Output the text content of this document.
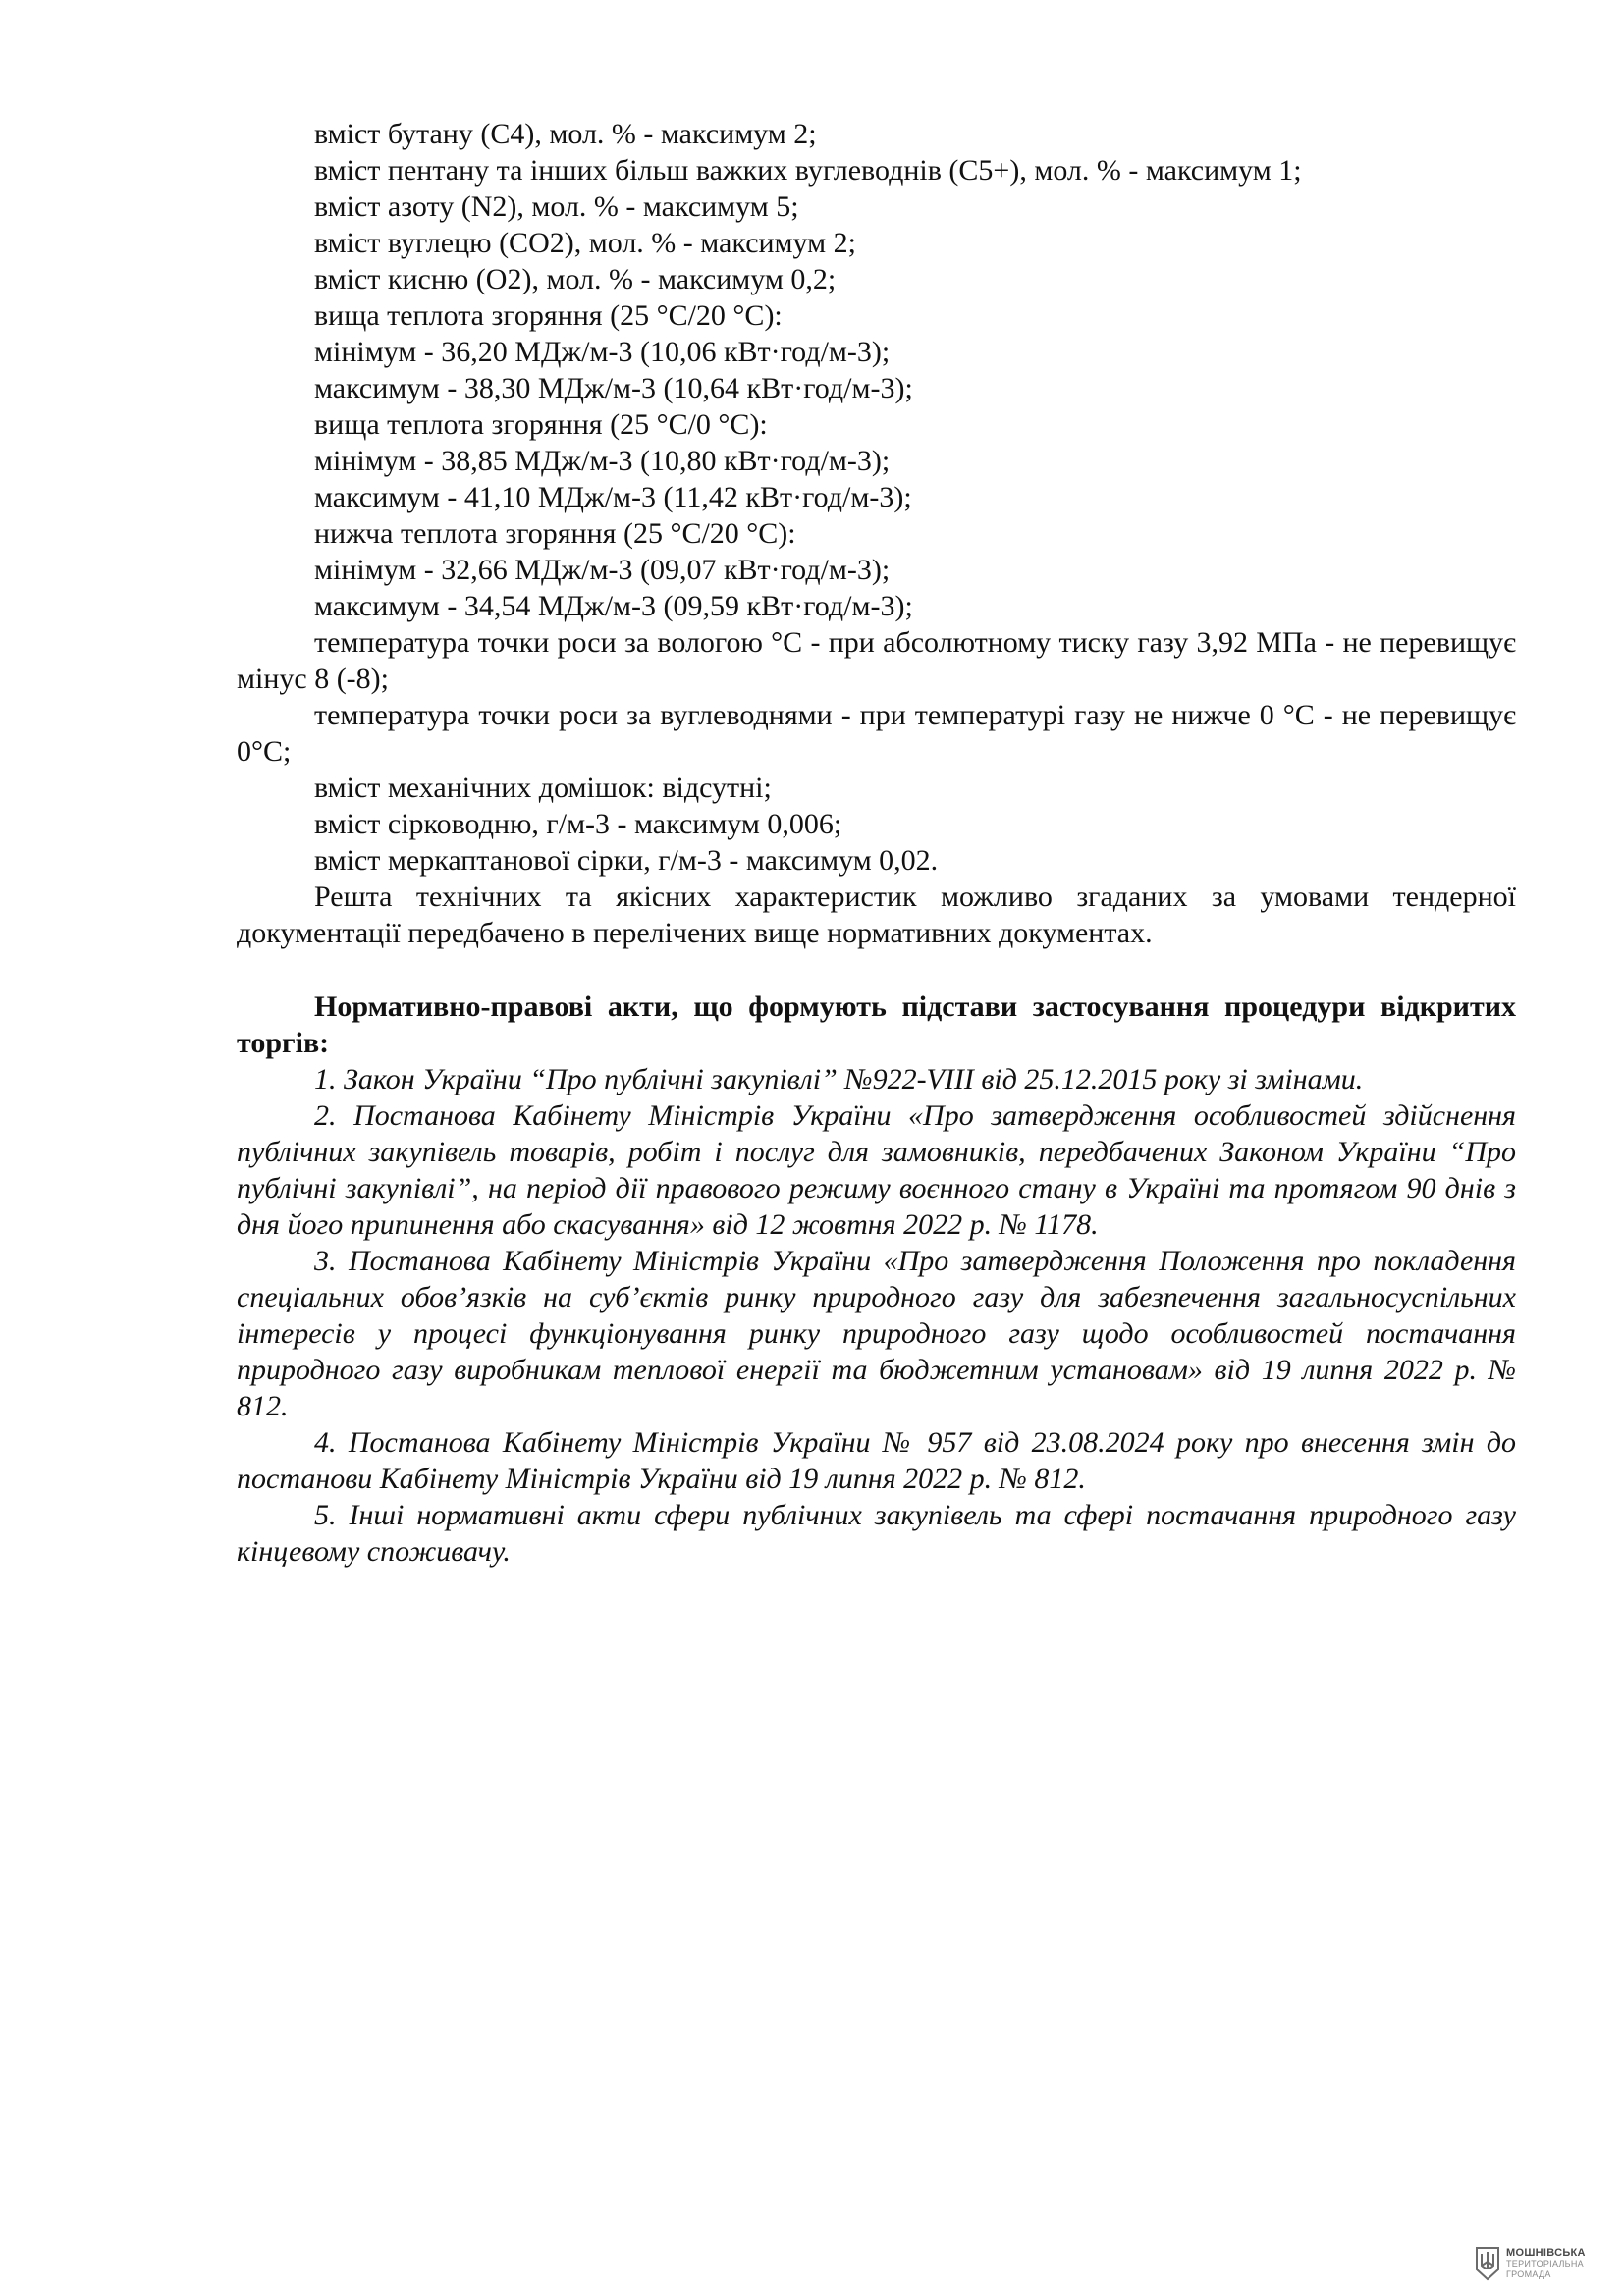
вміст бутану (С4), мол. % - максимум 2;

вміст пентану та інших більш важких вуглеводнів (С5+), мол. % - максимум 1;

вміст азоту (N2), мол. % - максимум 5;

вміст вуглецю (СО2), мол. % - максимум 2;

вміст кисню (О2), мол. % - максимум 0,2;

вища теплота згоряння (25 °С/20 °С):

мінімум - 36,20 МДж/м-3 (10,06 кВт·год/м-3);

максимум - 38,30 МДж/м-3 (10,64 кВт·год/м-3);

вища теплота згоряння (25 °С/0 °С):

мінімум - 38,85 МДж/м-3 (10,80 кВт·год/м-3);

максимум - 41,10 МДж/м-3 (11,42 кВт·год/м-3);

нижча теплота згоряння (25 °С/20 °С):

мінімум - 32,66 МДж/м-3 (09,07 кВт·год/м-3);

максимум - 34,54 МДж/м-3 (09,59 кВт·год/м-3);

температура точки роси за вологою °С - при абсолютному тиску газу 3,92 МПа - не перевищує мінус 8 (-8);

температура точки роси за вуглеводнями - при температурі газу не нижче 0 °С - не перевищує 0°С;

вміст механічних домішок: відсутні;

вміст сірководню, г/м-3 - максимум 0,006;

вміст меркаптанової сірки, г/м-3 - максимум 0,02.

Решта технічних та якісних характеристик можливо згаданих за умовами тендерної документації передбачено в перелічених вище нормативних документах.

Нормативно-правові акти, що формують підстави застосування процедури відкритих торгів:

1. Закон України “Про публічні закупівлі” №922-VIII від 25.12.2015 року зі змінами.

2. Постанова Кабінету Міністрів України «Про затвердження особливостей здійснення публічних закупівель товарів, робіт і послуг для замовників, передбачених Законом України “Про публічні закупівлі”, на період дії правового режиму воєнного стану в Україні та протягом 90 днів з дня його припинення або скасування» від 12 жовтня 2022 р. № 1178.

3. Постанова Кабінету Міністрів України «Про затвердження Положення про покладення спеціальних обов’язків на суб’єктів ринку природного газу для забезпечення загальносуспільних інтересів у процесі функціонування ринку природного газу щодо особливостей постачання природного газу виробникам теплової енергії та бюджетним установам» від 19 липня 2022 р. № 812.

4. Постанова Кабінету Міністрів України № 957 від 23.08.2024 року про внесення змін до постанови Кабінету Міністрів України від 19 липня 2022 р. № 812.

5. Інші нормативні акти сфери публічних закупівель та сфері постачання природного газу кінцевому споживачу.

МОШНІВСЬКА
ТЕРИТОРІАЛЬНА
ГРОМАДА
